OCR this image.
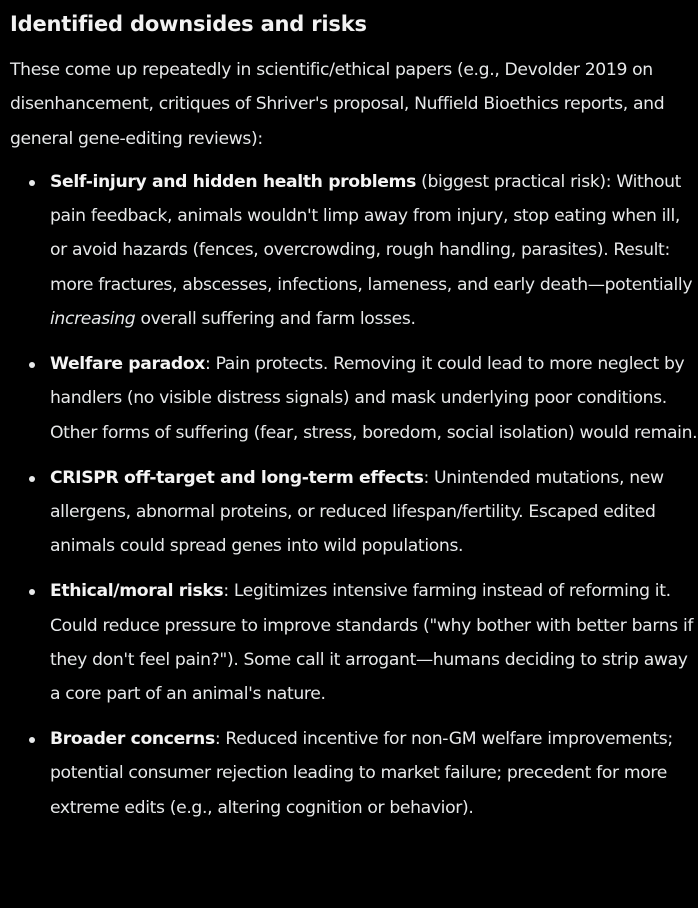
Identified downsides and risks

These come up repeatedly in scientific/ethical papers (e.g., Devolder 2019 on disenhancement, critiques of Shriver's proposal, Nuffield Bioethics reports, and general gene-editing reviews):

Self-injury and hidden health problems (biggest practical risk): Without pain feedback, animals wouldn't limp away from injury, stop eating when ill, or avoid hazards (fences, overcrowding, rough handling, parasites). Result: more fractures, abscesses, infections, lameness, and early death—potentially increasing overall suffering and farm losses.
Welfare paradox: Pain protects. Removing it could lead to more neglect by handlers (no visible distress signals) and mask underlying poor conditions. Other forms of suffering (fear, stress, boredom, social isolation) would remain.
CRISPR off-target and long-term effects: Unintended mutations, new allergens, abnormal proteins, or reduced lifespan/fertility. Escaped edited animals could spread genes into wild populations.
Ethical/moral risks: Legitimizes intensive farming instead of reforming it. Could reduce pressure to improve standards ("why bother with better barns if they don't feel pain?"). Some call it arrogant—humans deciding to strip away a core part of an animal's nature.
Broader concerns: Reduced incentive for non-GM welfare improvements; potential consumer rejection leading to market failure; precedent for more extreme edits (e.g., altering cognition or behavior).
